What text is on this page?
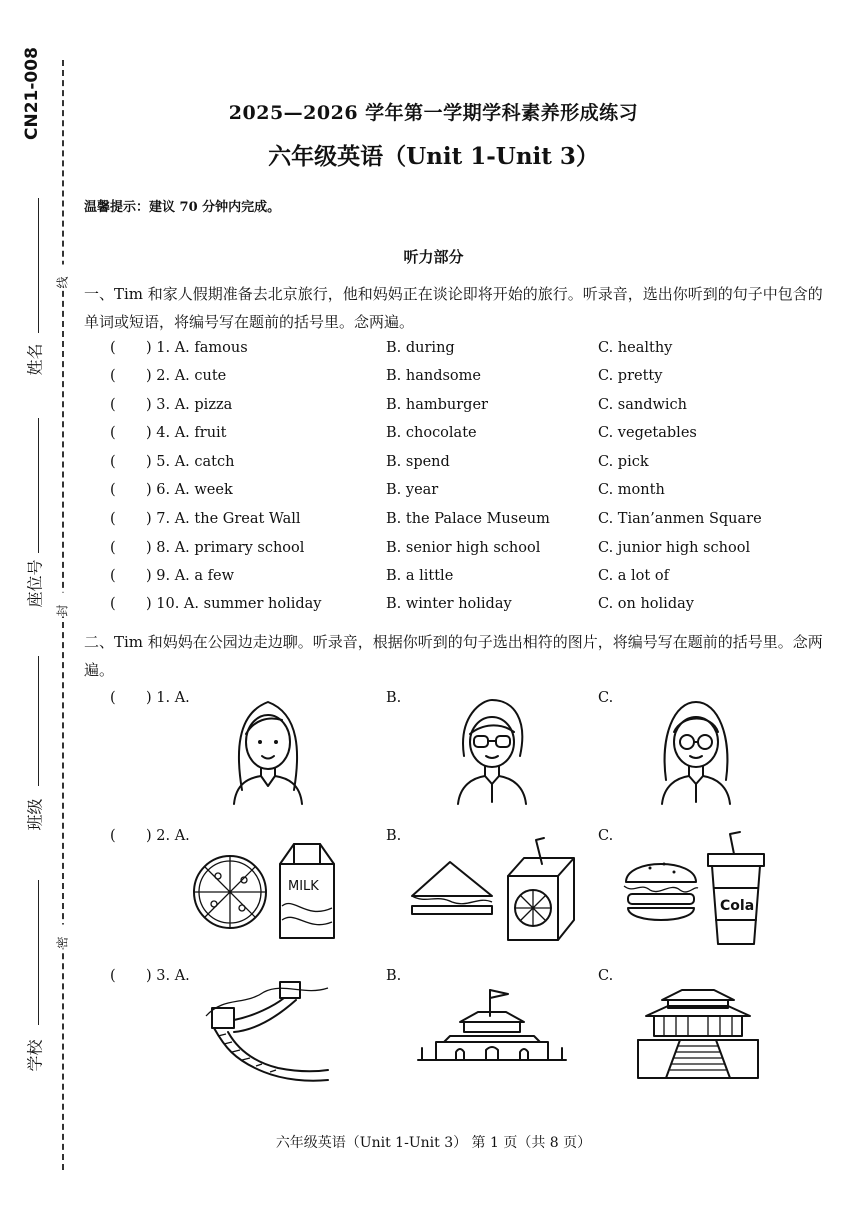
CN21-008
线
封
密
姓名
座位号
班级
学校
2025—2026 学年第一学期学科素养形成练习
六年级英语（Unit 1-Unit 3）
温馨提示：建议 70 分钟内完成。
听力部分
一、Tim 和家人假期准备去北京旅行，他和妈妈正在谈论即将开始的旅行。听录音，选出你听到的句子中包含的单词或短语，将编号写在题前的括号里。念两遍。
( ) 1. A. famous	B. during	C. healthy
( ) 2. A. cute	B. handsome	C. pretty
( ) 3. A. pizza	B. hamburger	C. sandwich
( ) 4. A. fruit	B. chocolate	C. vegetables
( ) 5. A. catch	B. spend	C. pick
( ) 6. A. week	B. year	C. month
( ) 7. A. the Great Wall	B. the Palace Museum	C. Tian’anmen Square
( ) 8. A. primary school	B. senior high school	C. junior high school
( ) 9. A. a few	B. a little	C. a lot of
( ) 10. A. summer holiday	B. winter holiday	C. on holiday
二、Tim 和妈妈在公园边走边聊。听录音，根据你听到的句子选出相符的图片，将编号写在题前的括号里。念两遍。
( ) 1. A.	B.	C.
( ) 2. A.	B.	C.
MILK
Cola
( ) 3. A.	B.	C.
六年级英语（Unit 1-Unit 3） 第 1 页（共 8 页）
